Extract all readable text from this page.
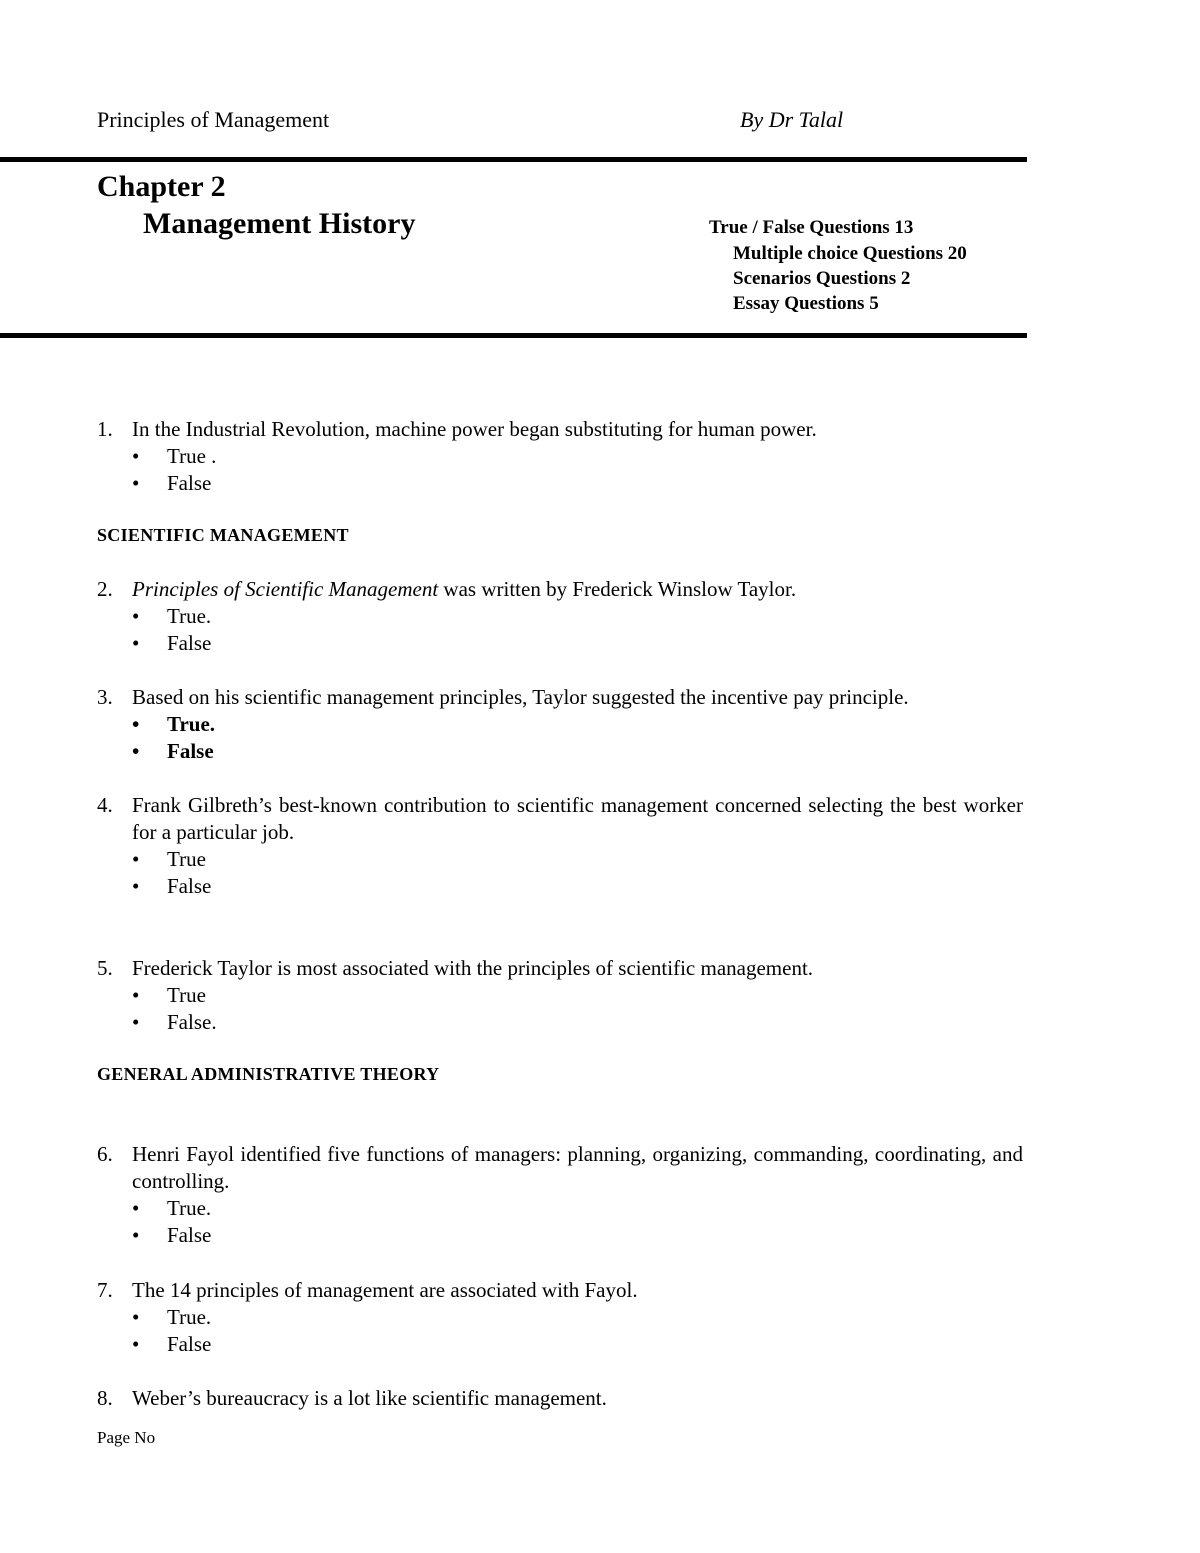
Principles of Management	By Dr Talal
Chapter 2
Management History	True / False Questions 13
Multiple choice Questions 20
Scenarios Questions 2
Essay Questions 5
1. In the Industrial Revolution, machine power began substituting for human power.
• True .
• False
SCIENTIFIC MANAGEMENT
2. Principles of Scientific Management was written by Frederick Winslow Taylor.
• True.
• False
3. Based on his scientific management principles, Taylor suggested the incentive pay principle.
• True.
• False
4. Frank Gilbreth’s best-known contribution to scientific management concerned selecting the best worker for a particular job.
• True
• False
5. Frederick Taylor is most associated with the principles of scientific management.
• True
• False.
GENERAL ADMINISTRATIVE THEORY
6. Henri Fayol identified five functions of managers: planning, organizing, commanding, coordinating, and controlling.
• True.
• False
7. The 14 principles of management are associated with Fayol.
• True.
• False
8. Weber’s bureaucracy is a lot like scientific management.
Page No
